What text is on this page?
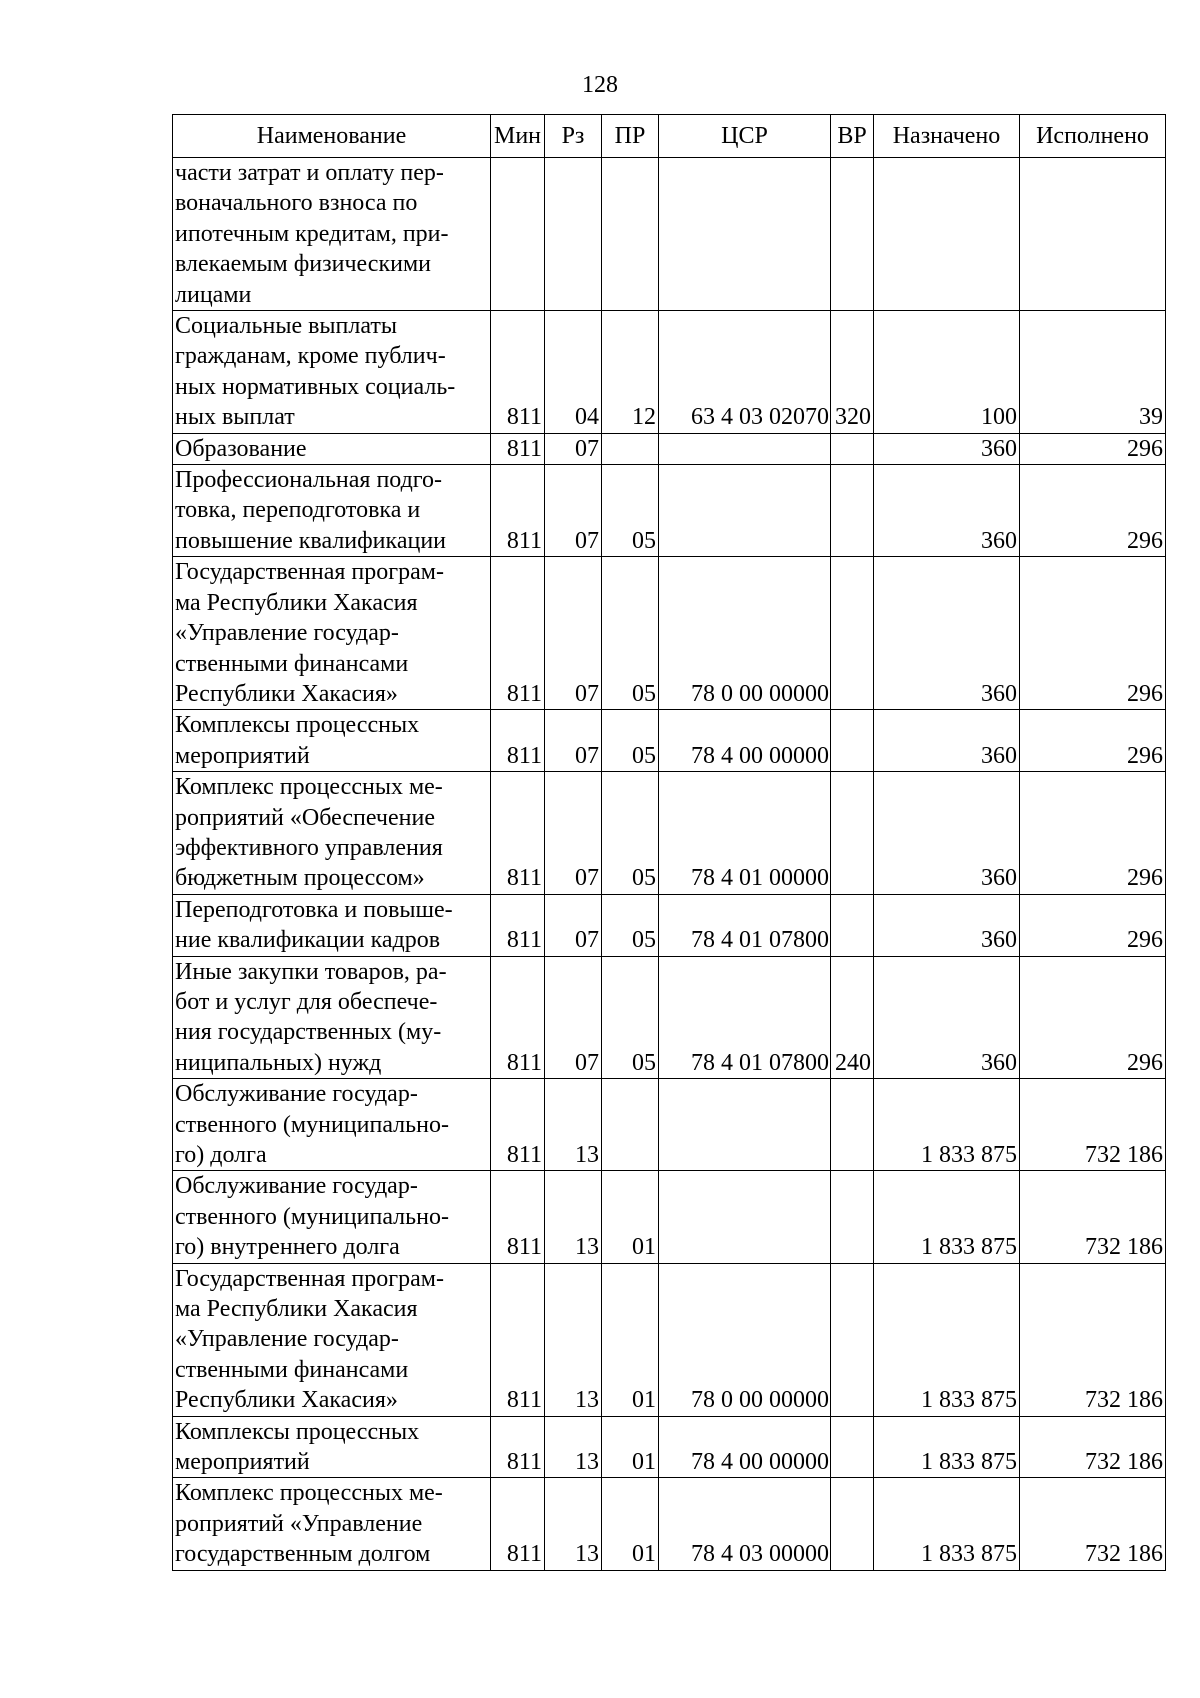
128
Наименование	Мин	Рз	ПР	ЦСР	ВР	Назначено	Исполнено

части затрат и оплату пер-
воначального взноса по
ипотечным кредитам, при-
влекаемым физическими
лицами							

Социальные выплаты
гражданам, кроме публич-
ных нормативных социаль-
ных выплат	811	04	12	63 4 03 02070	320	100	39

Образование	811	07				360	296

Профессиональная подго-
товка, переподготовка и
повышение квалификации	811	07	05			360	296

Государственная програм-
ма Республики Хакасия
«Управление государ-
ственными финансами
Республики Хакасия»	811	07	05	78 0 00 00000		360	296

Комплексы процессных
мероприятий	811	07	05	78 4 00 00000		360	296

Комплекс процессных ме-
роприятий «Обеспечение
эффективного управления
бюджетным процессом»	811	07	05	78 4 01 00000		360	296

Переподготовка и повыше-
ние квалификации кадров	811	07	05	78 4 01 07800		360	296

Иные закупки товаров, ра-
бот и услуг для обеспече-
ния государственных (му-
ниципальных) нужд	811	07	05	78 4 01 07800	240	360	296

Обслуживание государ-
ственного (муниципально-
го) долга	811	13				1 833 875	732 186

Обслуживание государ-
ственного (муниципально-
го) внутреннего долга	811	13	01			1 833 875	732 186

Государственная програм-
ма Республики Хакасия
«Управление государ-
ственными финансами
Республики Хакасия»	811	13	01	78 0 00 00000		1 833 875	732 186

Комплексы процессных
мероприятий	811	13	01	78 4 00 00000		1 833 875	732 186

Комплекс процессных ме-
роприятий «Управление
государственным долгом	811	13	01	78 4 03 00000		1 833 875	732 186
